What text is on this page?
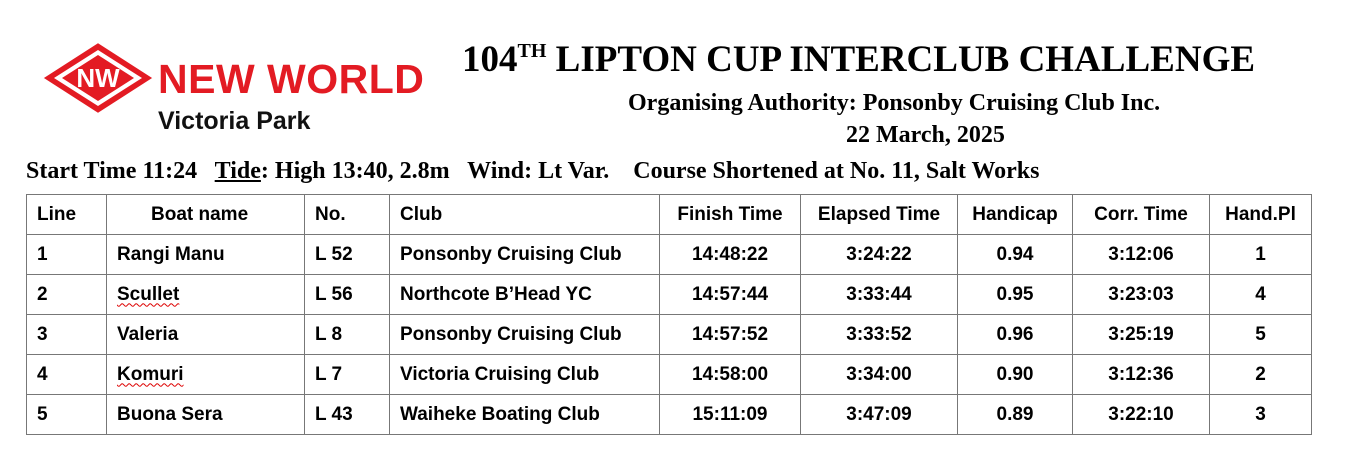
NW NEW WORLD
Victoria Park
104TH LIPTON CUP INTERCLUB CHALLENGE
Organising Authority: Ponsonby Cruising Club Inc.
22 March, 2025
Start Time 11:24   Tide: High 13:40, 2.8m   Wind: Lt Var.    Course Shortened at No. 11, Salt Works
Line	Boat name	No.	Club	Finish Time	Elapsed Time	Handicap	Corr. Time	Hand.Pl
1	Rangi Manu	L 52	Ponsonby Cruising Club	14:48:22	3:24:22	0.94	3:12:06	1
2	Scullet	L 56	Northcote B’Head YC	14:57:44	3:33:44	0.95	3:23:03	4
3	Valeria	L 8	Ponsonby Cruising Club	14:57:52	3:33:52	0.96	3:25:19	5
4	Komuri	L 7	Victoria Cruising Club	14:58:00	3:34:00	0.90	3:12:36	2
5	Buona Sera	L 43	Waiheke Boating Club	15:11:09	3:47:09	0.89	3:22:10	3
